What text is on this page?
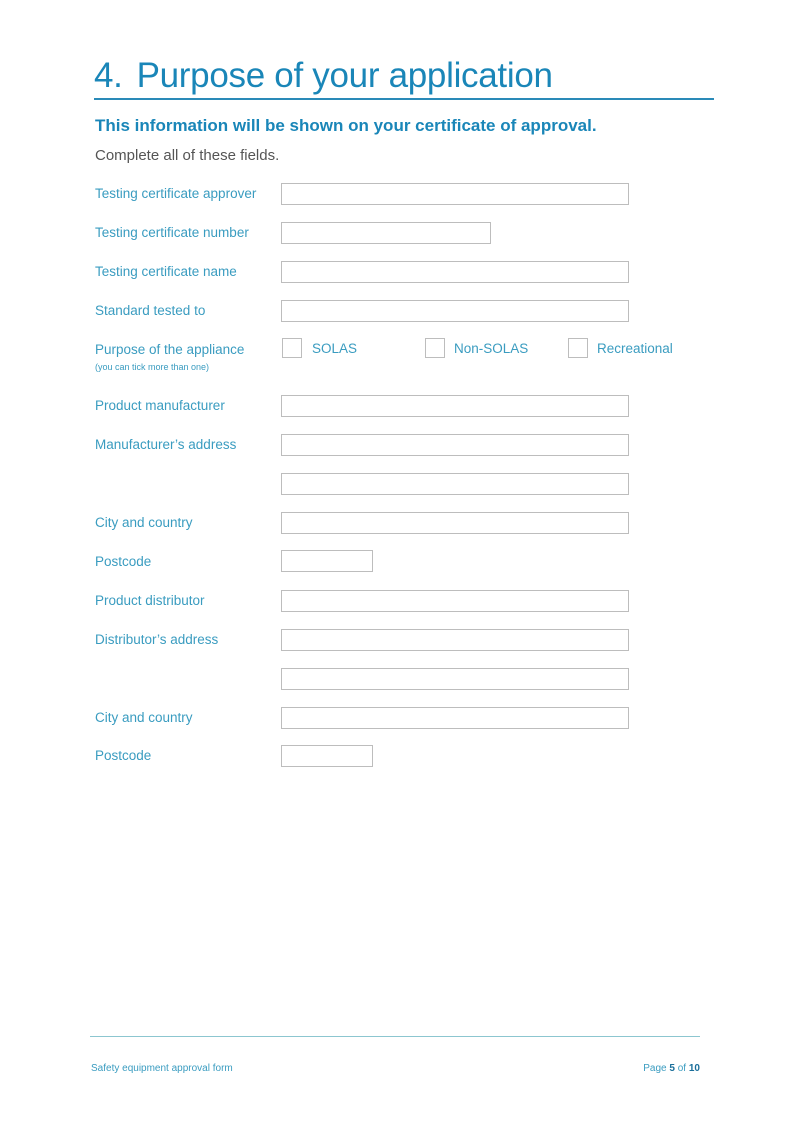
4. Purpose of your application
This information will be shown on your certificate of approval.
Complete all of these fields.
Testing certificate approver
Testing certificate number
Testing certificate name
Standard tested to
Purpose of the appliance
(you can tick more than one)
SOLAS	Non-SOLAS	Recreational
Product manufacturer
Manufacturer’s address
City and country
Postcode
Product distributor
Distributor’s address
City and country
Postcode
Safety equipment approval form	Page 5 of 10
